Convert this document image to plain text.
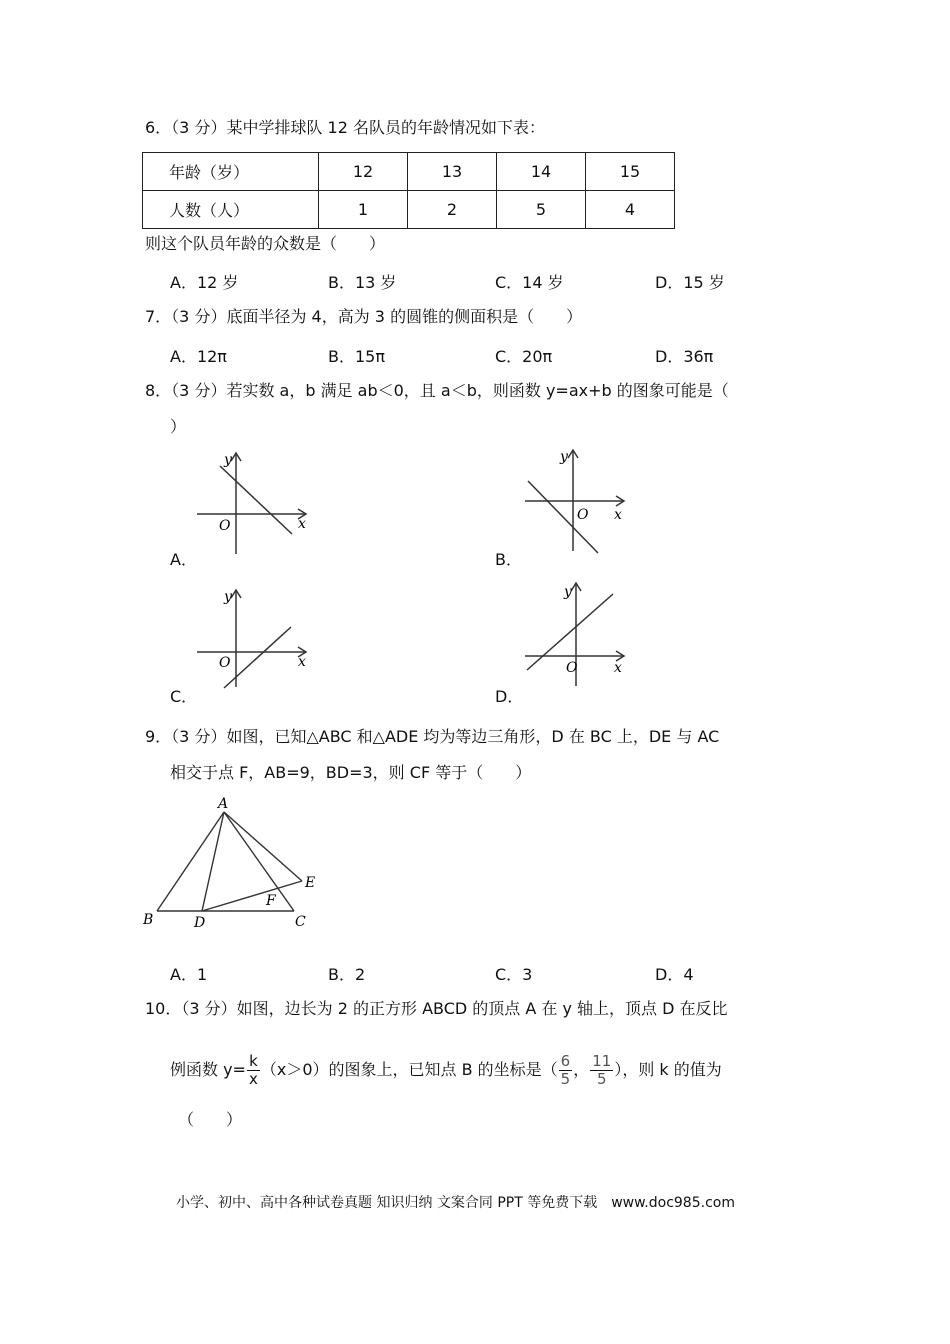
6．（3 分）某中学排球队 12 名队员的年龄情况如下表：
年龄（岁）	12	13	14	15
人数（人）	1	2	5	4
则这个队员年龄的众数是（　　）
A．12 岁	B．13 岁	C．14 岁	D．15 岁
7．（3 分）底面半径为 4，高为 3 的圆锥的侧面积是（　　）
A．12π	B．15π	C．20π	D．36π
8．（3 分）若实数 a，b 满足 ab＜0，且 a＜b，则函数 y=ax+b 的图象可能是（
）
y
x
O
A．
y
x
O
B．
y
x
O
C．
y
x
O
D．
9．（3 分）如图，已知△ABC 和△ADE 均为等边三角形，D 在 BC 上，DE 与 AC
相交于点 F，AB=9，BD=3，则 CF 等于（　　）
A
B	C
D
E
F
A．1	B．2	C．3	D．4
10．（3 分）如图，边长为 2 的正方形 ABCD 的顶点 A 在 y 轴上，顶点 D 在反比
例函数 $y= \frac{k}{x} (x>0)$的图象上，已知点 B 的坐标是（ $\frac{6}{5}$ ， $\frac{11}{5}$ ），则 k 的值为
（　　）
小学、初中、高中各种试卷真题 知识归纳 文案合同 PPT 等免费下载　www.doc985.com
